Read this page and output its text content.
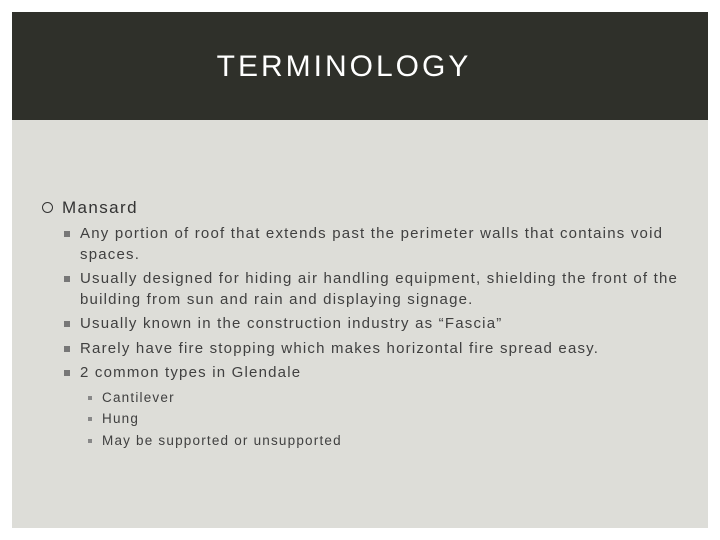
TERMINOLOGY
Mansard
Any portion of roof that extends past the perimeter walls that contains void spaces.
Usually designed for hiding air handling equipment, shielding the front of the building from sun and rain and displaying signage.
Usually known in the construction industry as “Fascia”
Rarely have fire stopping which makes horizontal fire spread easy.
2 common types in Glendale
Cantilever
Hung
May be supported or unsupported
